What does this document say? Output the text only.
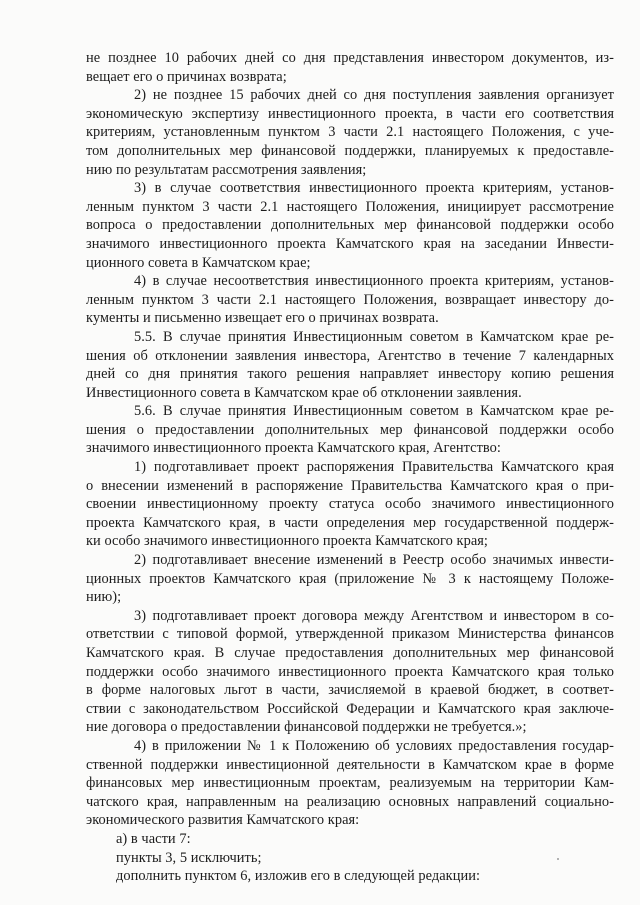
не позднее 10 рабочих дней со дня представления инвестором документов, из-
вещает его о причинах возврата;
2) не позднее 15 рабочих дней со дня поступления заявления организует
экономическую экспертизу инвестиционного проекта, в части его соответствия
критериям, установленным пунктом 3 части 2.1 настоящего Положения, с уче-
том дополнительных мер финансовой поддержки, планируемых к предоставле-
нию по результатам рассмотрения заявления;
3) в случае соответствия инвестиционного проекта критериям, установ-
ленным пунктом 3 части 2.1 настоящего Положения, инициирует рассмотрение
вопроса о предоставлении дополнительных мер финансовой поддержки особо
значимого инвестиционного проекта Камчатского края на заседании Инвести-
ционного совета в Камчатском крае;
4) в случае несоответствия инвестиционного проекта критериям, установ-
ленным пунктом 3 части 2.1 настоящего Положения, возвращает инвестору до-
кументы и письменно извещает его о причинах возврата.
5.5. В случае принятия Инвестиционным советом в Камчатском крае ре-
шения об отклонении заявления инвестора, Агентство в течение 7 календарных
дней со дня принятия такого решения направляет инвестору копию решения
Инвестиционного совета в Камчатском крае об отклонении заявления.
5.6. В случае принятия Инвестиционным советом в Камчатском крае ре-
шения о предоставлении дополнительных мер финансовой поддержки особо
значимого инвестиционного проекта Камчатского края, Агентство:
1) подготавливает проект распоряжения Правительства Камчатского края
о внесении изменений в распоряжение Правительства Камчатского края о при-
своении инвестиционному проекту статуса особо значимого инвестиционного
проекта Камчатского края, в части определения мер государственной поддерж-
ки особо значимого инвестиционного проекта Камчатского края;
2) подготавливает внесение изменений в Реестр особо значимых инвести-
ционных проектов Камчатского края (приложение № 3 к настоящему Положе-
нию);
3) подготавливает проект договора между Агентством и инвестором в со-
ответствии с типовой формой, утвержденной приказом Министерства финансов
Камчатского края. В случае предоставления дополнительных мер финансовой
поддержки особо значимого инвестиционного проекта Камчатского края только
в форме налоговых льгот в части, зачисляемой в краевой бюджет, в соответ-
ствии с законодательством Российской Федерации и Камчатского края заключе-
ние договора о предоставлении финансовой поддержки не требуется.»;
4) в приложении № 1 к Положению об условиях предоставления государ-
ственной поддержки инвестиционной деятельности в Камчатском крае в форме
финансовых мер инвестиционным проектам, реализуемым на территории Кам-
чатского края, направленным на реализацию основных направлений социально-
экономического развития Камчатского края:
а) в части 7:
пункты 3, 5 исключить;
дополнить пунктом 6, изложив его в следующей редакции:
